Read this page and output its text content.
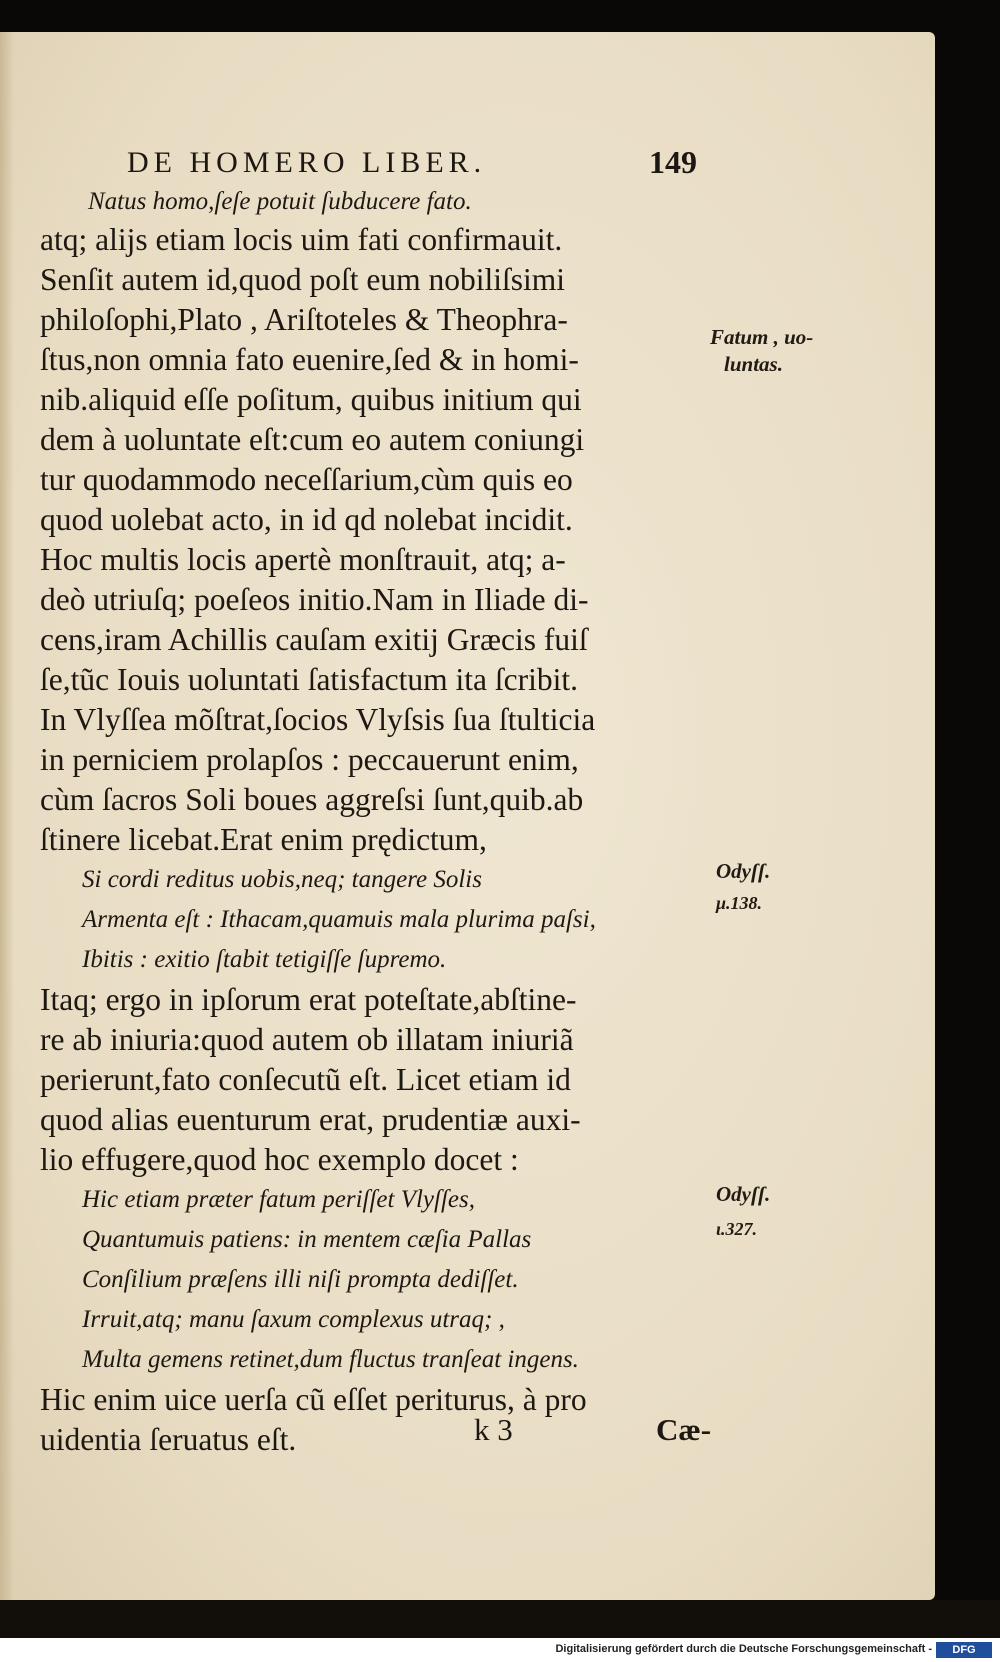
DE HOMERO LIBER.	149
Natus homo,ſeſe potuit ſubducere fato.
atq; alijs etiam locis uim fati confirmauit.
Senſit autem id,quod poſt eum nobiliſsimi
philoſophi,Plato , Ariſtoteles & Theophra-
ſtus,non omnia fato euenire,ſed & in homi-
nib.aliquid eſſe poſitum, quibus initium qui
dem à uoluntate eſt:cum eo autem coniungi
tur quodammodo neceſſarium,cùm quis eo
quod uolebat acto, in id qd nolebat incidit.
Hoc multis locis apertè monſtrauit, atq; a-
deò utriuſq; poeſeos initio.Nam in Iliade di-
cens,iram Achillis cauſam exitij Græcis fuiſ
ſe,tũc Iouis uoluntati ſatisfactum ita ſcribit.
In Vlyſſea mõſtrat,ſocios Vlyſsis ſua ſtulticia
in perniciem prolapſos : peccauerunt enim,
cùm ſacros Soli boues aggreſsi ſunt,quib.ab
ſtinere licebat.Erat enim prędictum,
Si cordi reditus uobis,neq; tangere Solis
Armenta eſt : Ithacam,quamuis mala plurima paſsi,
Ibitis : exitio ſtabit tetigiſſe ſupremo.
Itaq; ergo in ipſorum erat poteſtate,abſtine-
re ab iniuria:quod autem ob illatam iniuriã
perierunt,fato conſecutũ eſt. Licet etiam id
quod alias euenturum erat, prudentiæ auxi-
lio effugere,quod hoc exemplo docet :
Hic etiam præter fatum periſſet Vlyſſes,
Quantumuis patiens: in mentem cæſia Pallas
Conſilium præſens illi niſi prompta dediſſet.
Irruit,atq; manu ſaxum complexus utraq; ,
Multa gemens retinet,dum fluctus tranſeat ingens.
Hic enim uice uerſa cũ eſſet periturus, à pro
uidentia ſeruatus eſt.
Fatum , uo-
luntas.
Odyſſ.
μ.138.
Odyſſ.
ι.327.
k 3	Cæ-
Digitalisierung gefördert durch die Deutsche Forschungsgemeinschaft -	DFG
